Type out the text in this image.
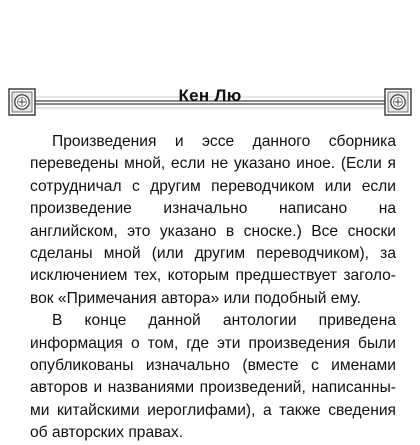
Кен Лю

Произведения и эссе данного сборника переведены мной, если не указано иное. (Если я сотрудничал с другим переводчиком или если произведение изначально написано на английском, это указано в сноске.) Все сноски сделаны мной (или другим переводчиком), за исключением тех, которым предшествует заголовок «Примечания автора» или подобный ему.

В конце данной антологии приведена информация о том, где эти произведения были опубликованы изначально (вместе с именами авторов и названиями произведений, написанными китайскими иероглифами), а также сведения об авторских правах.
